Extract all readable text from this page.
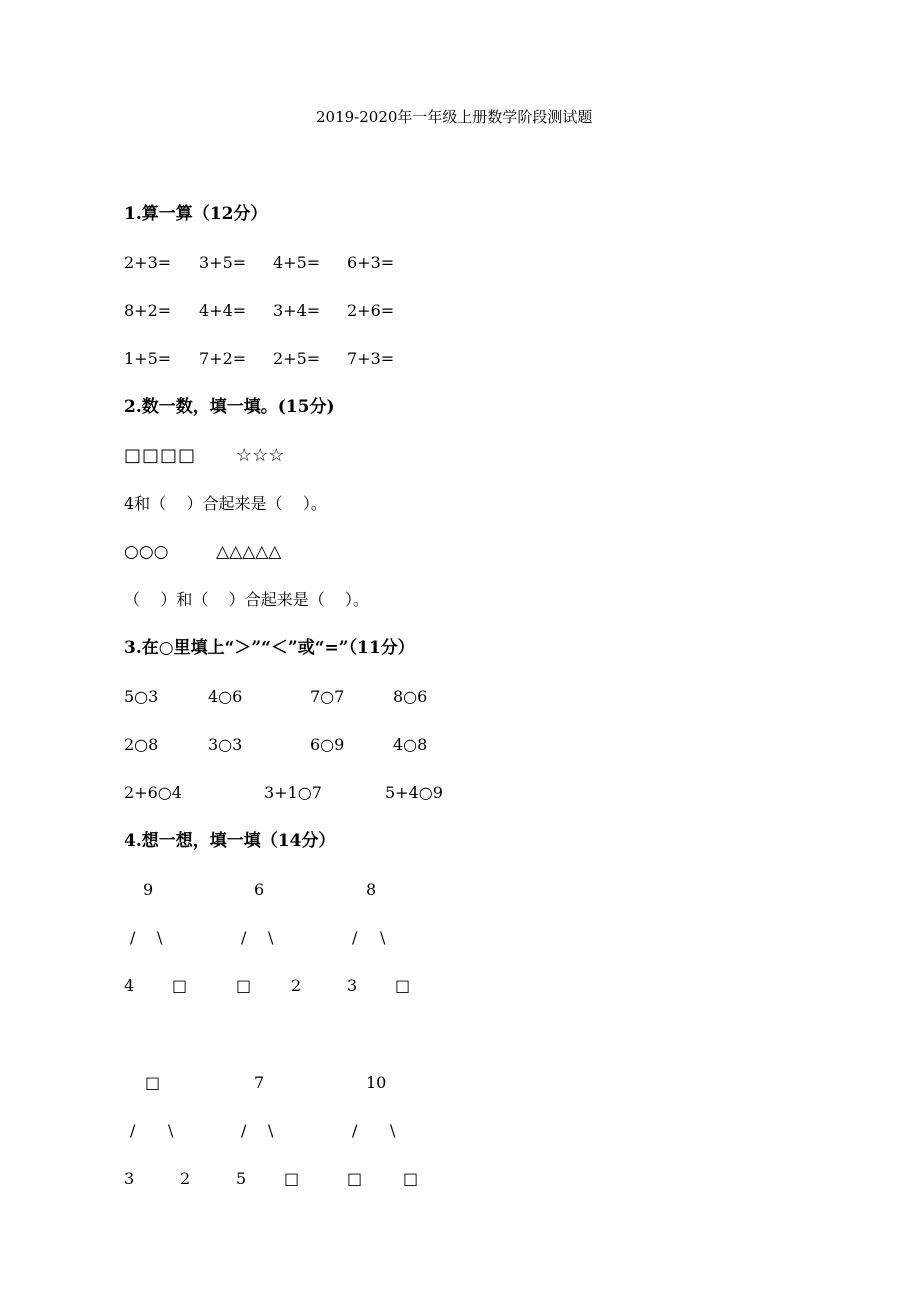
2019-2020年一年级上册数学阶段测试题
1.算一算（12分）
2+3= 3+5= 4+5= 6+3=
8+2= 4+4= 3+4= 2+6=
1+5= 7+2= 2+5= 7+3=
2.数一数，填一填。(15分)
□□□□ ☆☆☆
4和（    ）合起来是（    ）。
○○○	△△△△△
（    ）和（    ）合起来是（    ）。
3.在○里填上“＞”“＜”或“=”（11分）
5○3	4○6	7○7	8○6
2○8	3○3	6○9	4○8
2+6○4	3+1○7	5+4○9
4.想一想，填一填（14分）
9	6	8
/ \	/ \	/ \
4 □	□ 2	3 □
□	7	10
/ \	/ \	/ \
3	2	5 □	□	□
